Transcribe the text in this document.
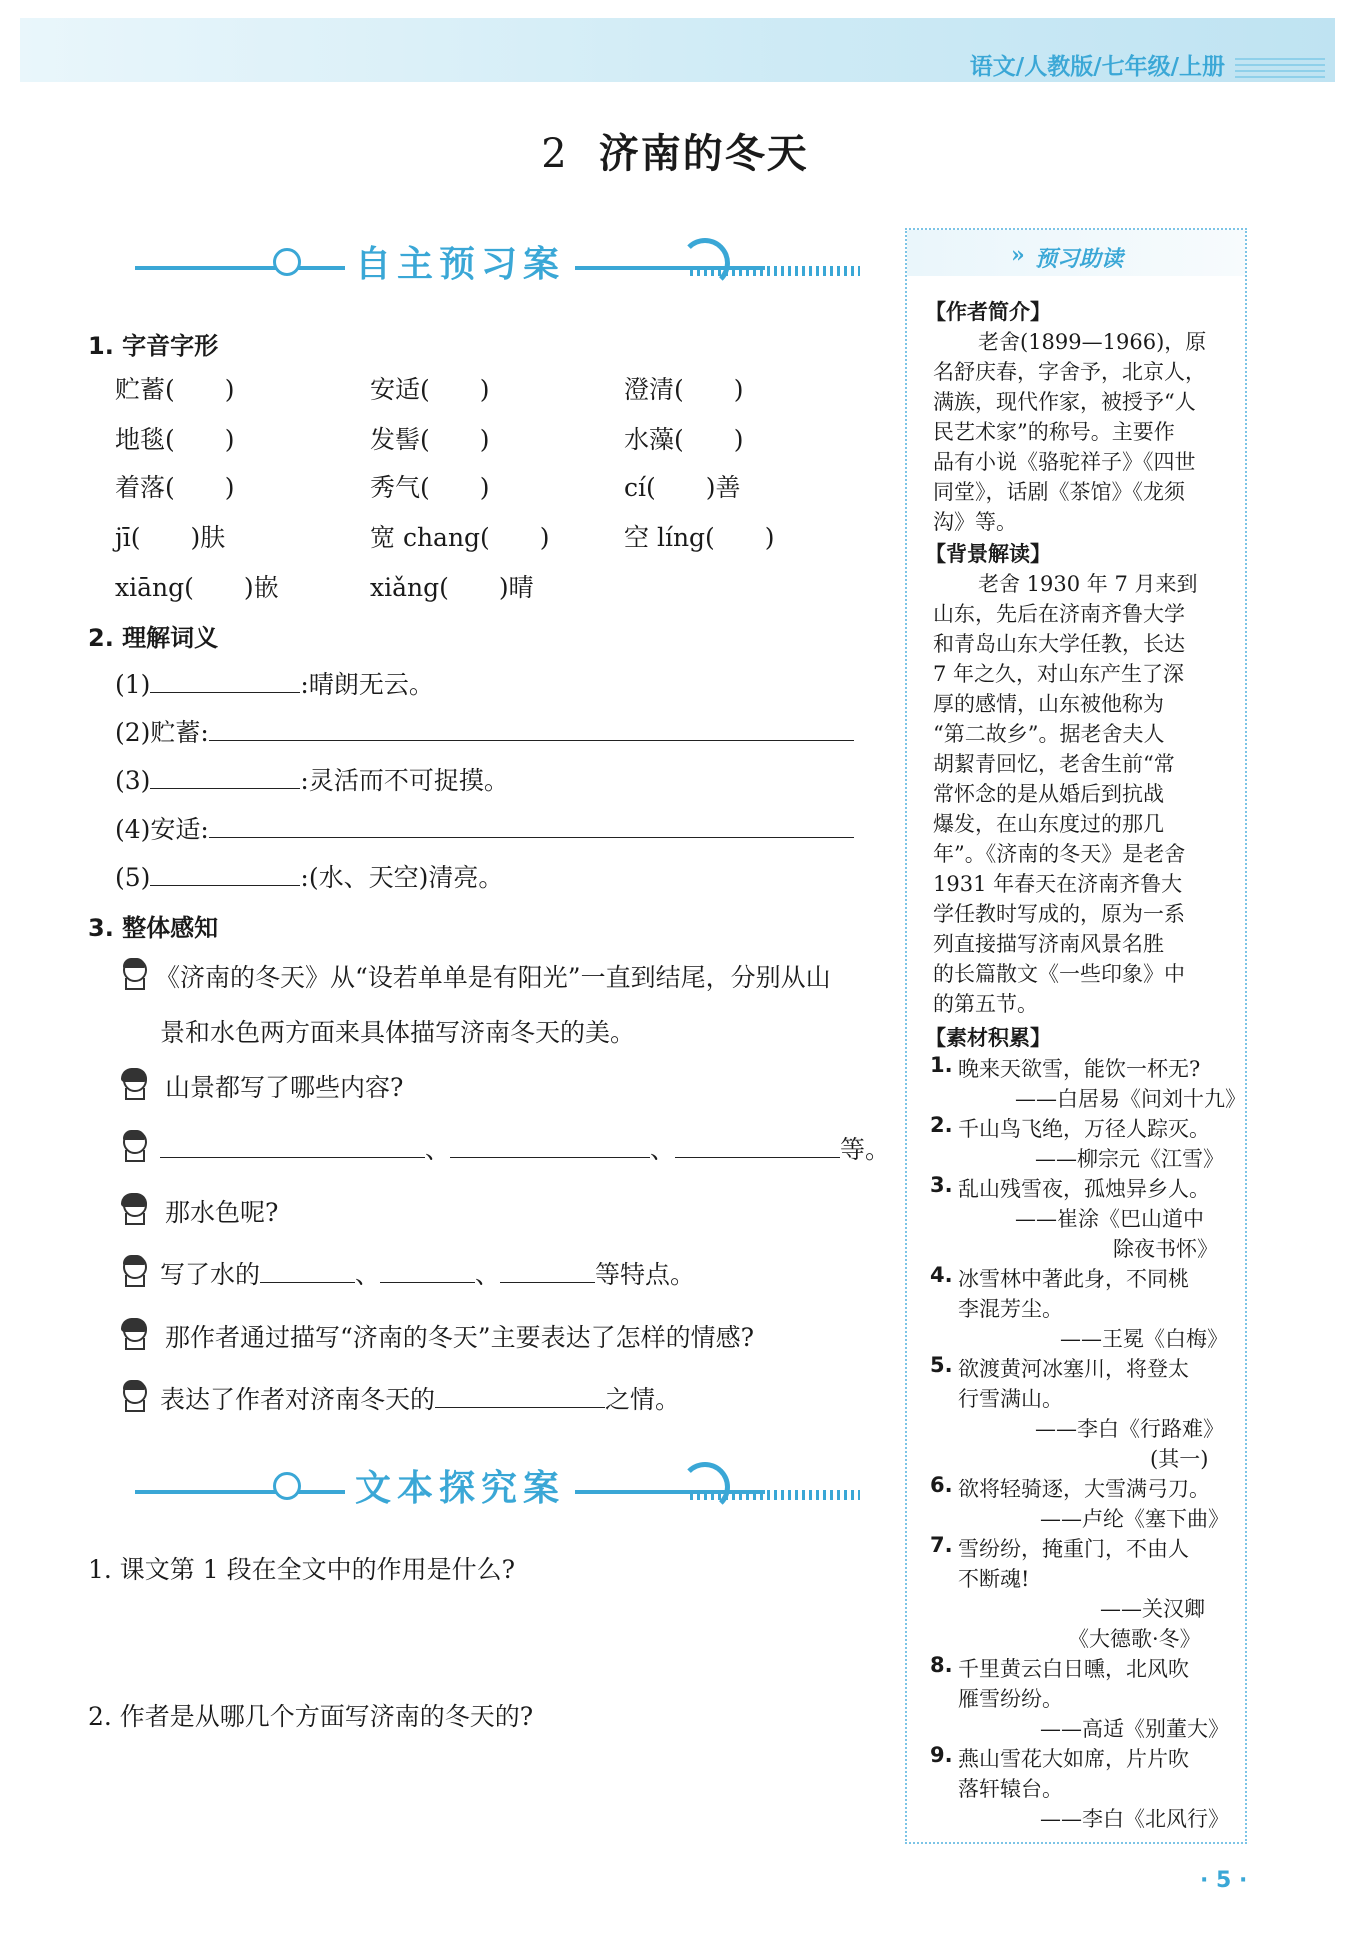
语文/人教版/七年级/上册
2 济南的冬天
自主预习案
1. 字音字形
贮蓄(　　)	安适(　　)	澄清(　　)
地毯(　　)	发髻(　　)	水藻(　　)
着落(　　)	秀气(　　)	cí(　　)善
jī(　　)肤	宽 chang(　　)	空 líng(　　)
xiāng(　　)嵌	xiǎng(　　)晴
2. 理解词义
(1)	:晴朗无云。
(2)贮蓄:
(3)	:灵活而不可捉摸。
(4)安适:
(5)	:(水、天空)清亮。
3. 整体感知
《济南的冬天》从“设若单单是有阳光”一直到结尾，分别从山
景和水色两方面来具体描写济南冬天的美。
山景都写了哪些内容?
、	、	等。
那水色呢?
写了水的	、	、	等特点。
那作者通过描写“济南的冬天”主要表达了怎样的情感?
表达了作者对济南冬天的	之情。
文本探究案
1. 课文第 1 段在全文中的作用是什么?
2. 作者是从哪几个方面写济南的冬天的?
» 预习助读
【作者简介】
老舍(1899—1966)，原
名舒庆春，字舍予，北京人，
满族，现代作家，被授予“人
民艺术家”的称号。主要作
品有小说《骆驼祥子》《四世
同堂》，话剧《茶馆》《龙须
沟》等。
【背景解读】
老舍 1930 年 7 月来到
山东，先后在济南齐鲁大学
和青岛山东大学任教，长达
7 年之久，对山东产生了深
厚的感情，山东被他称为
“第二故乡”。据老舍夫人
胡絜青回忆，老舍生前“常
常怀念的是从婚后到抗战
爆发，在山东度过的那几
年”。《济南的冬天》是老舍
1931 年春天在济南齐鲁大
学任教时写成的，原为一系
列直接描写济南风景名胜
的长篇散文《一些印象》中
的第五节。
【素材积累】
1. 晚来天欲雪，能饮一杯无?
——白居易《问刘十九》
2. 千山鸟飞绝，万径人踪灭。
——柳宗元《江雪》
3. 乱山残雪夜，孤烛异乡人。
——崔涂《巴山道中
除夜书怀》
4. 冰雪林中著此身，不同桃
李混芳尘。
——王冕《白梅》
5. 欲渡黄河冰塞川，将登太
行雪满山。
——李白《行路难》
(其一)
6. 欲将轻骑逐，大雪满弓刀。
——卢纶《塞下曲》
7. 雪纷纷，掩重门，不由人
不断魂!
——关汉卿
《大德歌·冬》
8. 千里黄云白日曛，北风吹
雁雪纷纷。
——高适《别董大》
9. 燕山雪花大如席，片片吹
落轩辕台。
——李白《北风行》
· 5 ·
